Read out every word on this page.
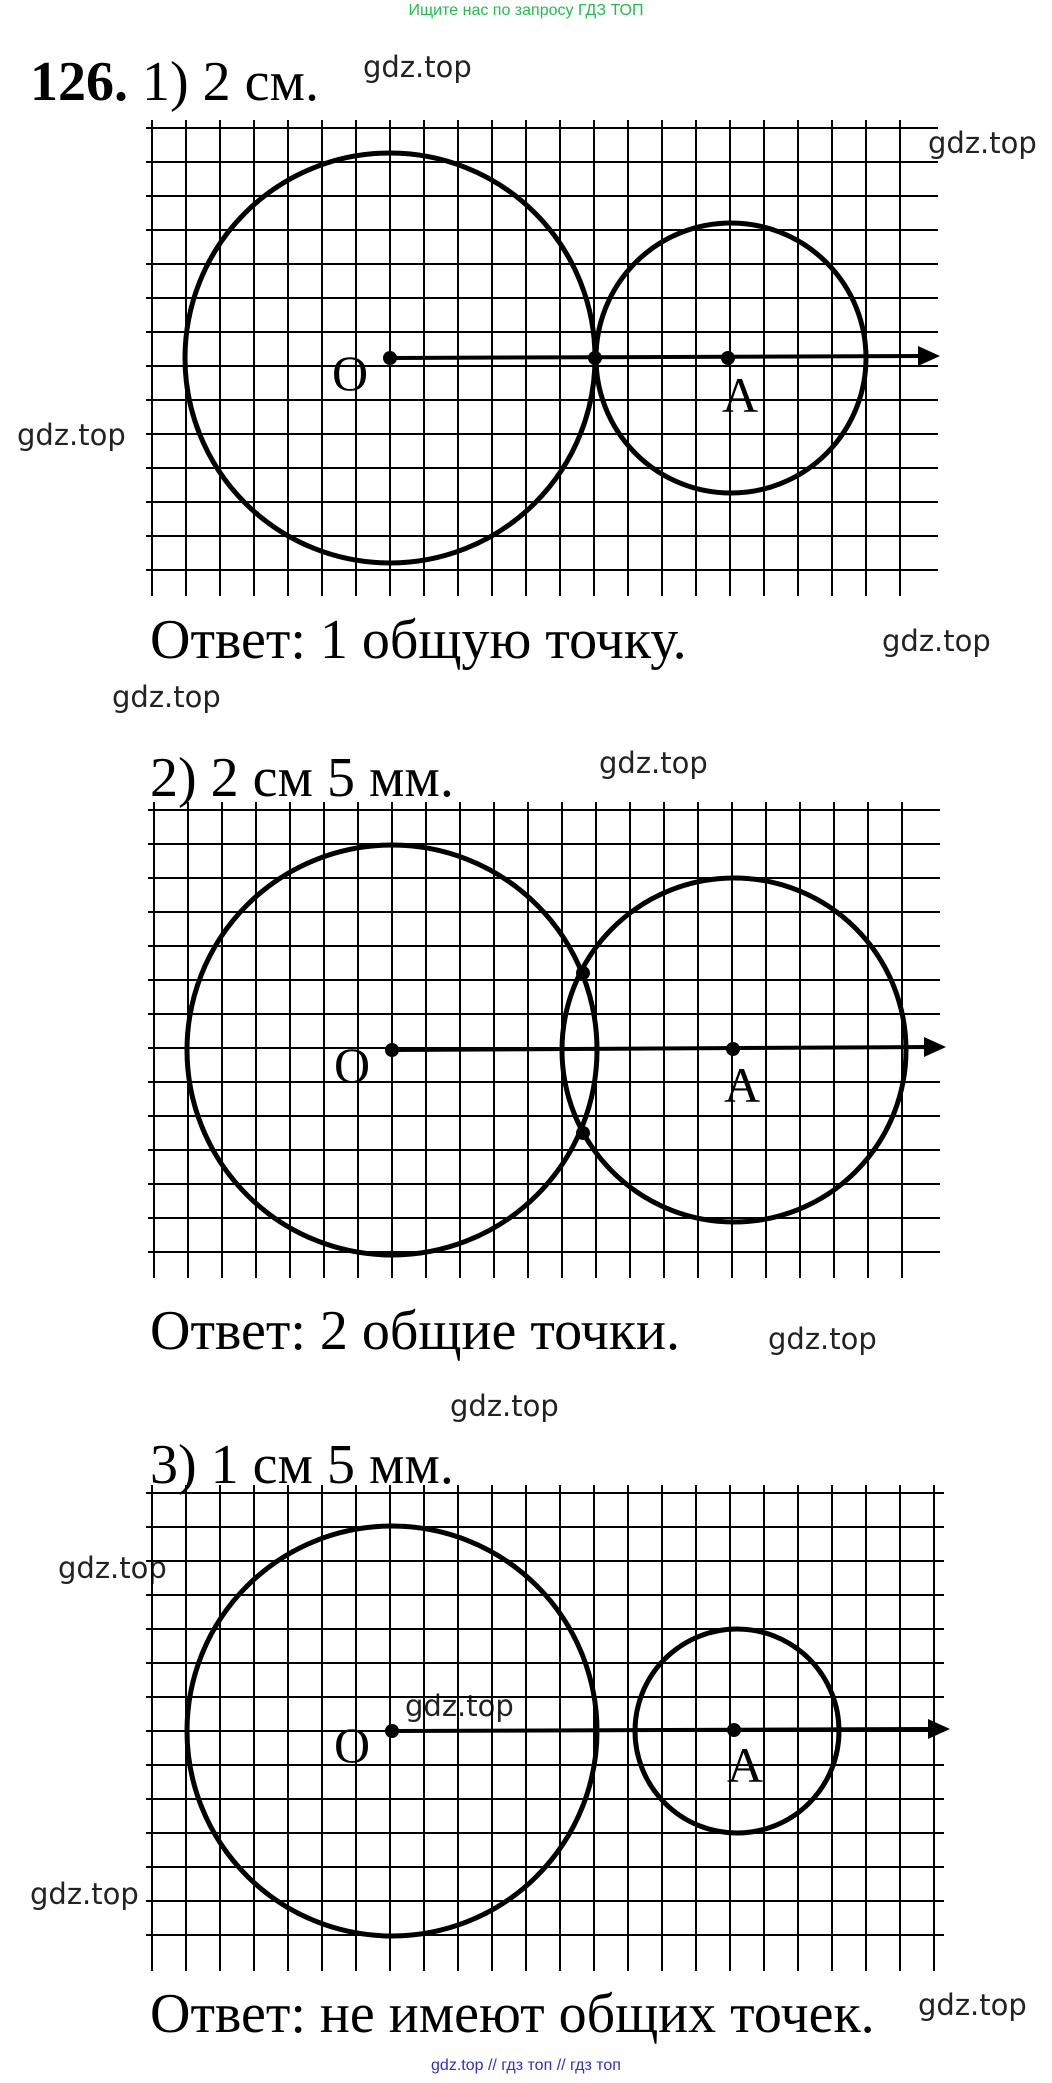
Ищите нас по запросу ГДЗ ТОП
126. 1) 2 см. gdz.top
gdz.top
gdz.top
O	A
Ответ: 1 общую точку.	gdz.top
gdz.top
2) 2 см 5 мм.	gdz.top
O	A
Ответ: 2 общие точки.	gdz.top
gdz.top
3) 1 см 5 мм.
gdz.top
gdz.top
gdz.top
O	A
Ответ: не имеют общих точек. gdz.top
gdz.top // гдз топ // гдз топ
